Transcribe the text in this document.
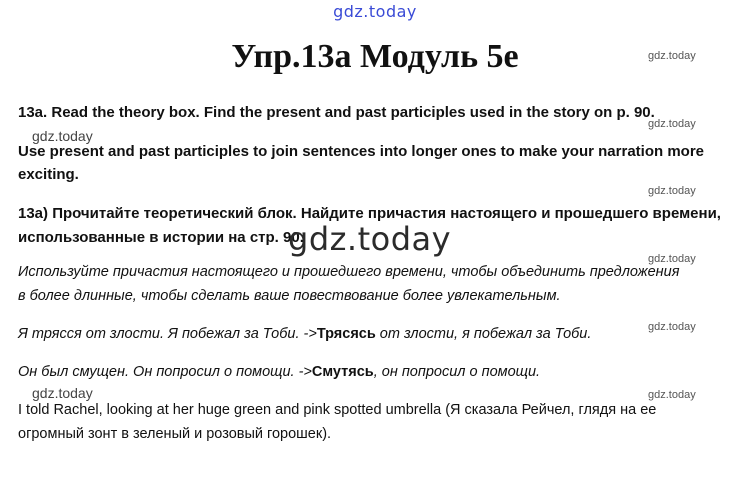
gdz.today
Упр.13а Модуль 5е	gdz.today
gdz.today
gdz.today
gdz.today
gdz.today
gdz.today
13a. Read the theory box. Find the present and past participles used in the story on p. 90.
gdz.today
Use present and past participles to join sentences into longer ones to make your narration more
exciting.
13а) Прочитайте теоретический блок. Найдите причастия настоящего и прошедшего времени,
использованные в истории на стр. 90.
gdz.today
Используйте причастия настоящего и прошедшего времени, чтобы объединить предложения
в более длинные, чтобы сделать ваше повествование более увлекательным.
Я трясся от злости. Я побежал за Тоби. ->Трясясь от злости, я побежал за Тоби.
Он был смущен. Он попросил о помощи. ->Смутясь, он попросил о помощи.
gdz.today
I told Rachel, looking at her huge green and pink spotted umbrella (Я сказала Рейчел, глядя на ее
огромный зонт в зеленый и розовый горошек).
